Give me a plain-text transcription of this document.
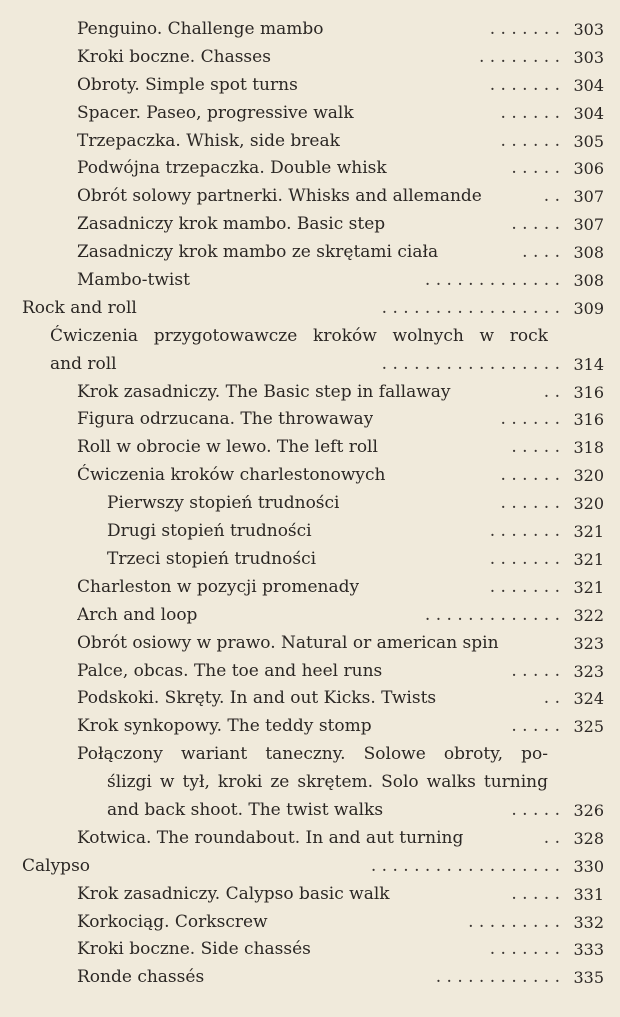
Penguino. Challenge mambo	. . . . . . . 303
Kroki boczne. Chasses	. . . . . . . . 303
Obroty. Simple spot turns	. . . . . . . 304
Spacer. Paseo, progressive walk	. . . . . . 304
Trzepaczka. Whisk, side break	. . . . . . 305
Podwójna trzepaczka. Double whisk	. . . . . 306
Obrót solowy partnerki. Whisks and allemande	. . 307
Zasadniczy krok mambo. Basic step	. . . . . 307
Zasadniczy krok mambo ze skrętami ciała	. . . . 308
Mambo-twist	. . . . . . . . . . . . . 308
Rock and roll	. . . . . . . . . . . . . . . . . 309
Ćwiczenia przygotowawcze kroków wolnych w rock
and roll	. . . . . . . . . . . . . . . . . 314
Krok zasadniczy. The Basic step in fallaway	. . 316
Figura odrzucana. The throwaway	. . . . . . 316
Roll w obrocie w lewo. The left roll	. . . . . 318
Ćwiczenia kroków charlestonowych	. . . . . . 320
Pierwszy stopień trudności	. . . . . . 320
Drugi stopień trudności	. . . . . . . 321
Trzeci stopień trudności	. . . . . . . 321
Charleston w pozycji promenady	. . . . . . . 321
Arch and loop	. . . . . . . . . . . . . 322
Obrót osiowy w prawo. Natural or american spin	323
Palce, obcas. The toe and heel runs	. . . . . 323
Podskoki. Skręty. In and out Kicks. Twists	. . 324
Krok synkopowy. The teddy stomp	. . . . . 325
Połączony wariant taneczny. Solowe obroty, po-
ślizgi w tył, kroki ze skrętem. Solo walks turning
and back shoot. The twist walks	. . . . . 326
Kotwica. The roundabout. In and aut turning	. . 328
Calypso	. . . . . . . . . . . . . . . . . . 330
Krok zasadniczy. Calypso basic walk	. . . . . 331
Korkociąg. Corkscrew	. . . . . . . . . 332
Kroki boczne. Side chassés	. . . . . . . 333
Ronde chassés	. . . . . . . . . . . . 335
